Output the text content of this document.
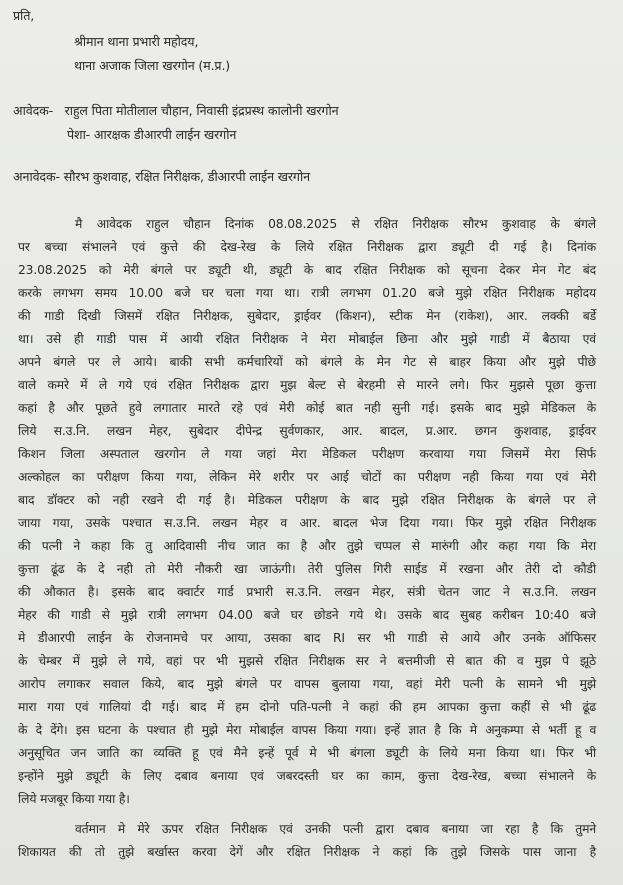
प्रति,
श्रीमान थाना प्रभारी महोदय,
थाना अजाक जिला खरगोन (म.प्र.)
आवेदक-   राहुल पिता मोतीलाल चौहान, निवासी इंद्रप्रस्थ कालोनी खरगोन
पेशा- आरक्षक डीआरपी लाईन खरगोन
अनावेदक- सौरभ कुशवाह, रक्षित निरीक्षक, डीआरपी लाईन खरगोन
मै आवेदक राहुल चौहान दिनांक 08.08.2025 से रक्षित निरीक्षक सौरभ कुशवाह के बंगले
पर बच्चा संभालने एवं कुत्ते की देख-रेख के लिये रक्षित निरीक्षक द्वारा ड्यूटी दी गई है। दिनांक
23.08.2025 को मेरी बंगले पर ड्यूटी थी, ड्यूटी के बाद रक्षित निरीक्षक को सूचना देकर मेन गेट बंद
करके लगभग समय 10.00 बजे घर चला गया था। रात्री लगभग 01.20 बजे मुझे रक्षित निरीक्षक महोदय
की गाडी दिखी जिसमें रक्षित निरीक्षक, सुबेदार, ड्राईवर (किशन), स्टीक मेन (राकेश), आर. लक्की बर्डे
था। उसे ही गाडी पास में आयी रक्षित निरीक्षक ने मेरा मोबाईल छिना और मुझे गाडी में बैठाया एवं
अपने बंगले पर ले आये। बाकी सभी कर्मचारियों को बंगले के मेन गेट से बाहर किया और मुझे पीछे
वाले कमरे में ले गये एवं रक्षित निरीक्षक द्वारा मुझ बेल्ट से बेरहमी से मारने लगे। फिर मुझसे पूछा कुत्ता
कहां है और पूछते हुवे लगातार मारते रहे एवं मेरी कोई बात नही सुनी गई। इसके बाद मुझे मेडिकल के
लिये स.उ.नि. लखन मेहर, सुबेदार दीपेन्द्र सुर्वणकार, आर. बादल, प्र.आर. छगन कुशवाह, ड्राईवर
किशन जिला अस्पताल खरगोन ले गया जहां मेरा मेडिकल परीक्षण करवाया गया जिसमें मेरा सिर्फ
अल्कोहल का परीक्षण किया गया, लेकिन मेरे शरीर पर आई चोटों का परीक्षण नही किया गया एवं मेरी
बाद डॉक्टर को नही रखने दी गई है। मेडिकल परीक्षण के बाद मुझे रक्षित निरीक्षक के बंगले पर ले
जाया गया, उसके पश्चात स.उ.नि. लखन मेहर व आर. बादल भेज दिया गया। फिर मुझे रक्षित निरीक्षक
की पत्नी ने कहा कि तु आदिवासी नीच जात का है और तुझे चप्पल से मारुंगी और कहा गया कि मेरा
कुत्ता ढूंढ के दे नही तो मेरी नौकरी खा जाऊंगी। तेरी पुलिस गिरी साईड में रखना और तेरी दो कौडी
की औकात है। इसके बाद क्वार्टर गार्ड प्रभारी स.उ.नि. लखन मेहर, संत्री चेतन जाट ने स.उ.नि. लखन
मेहर की गाडी से मुझे रात्री लगभग 04.00 बजे घर छोडने गये थे। उसके बाद सुबह करीबन 10:40 बजे
मे डीआरपी लाईन के रोजनामचे पर आया, उसका बाद RI सर भी गाडी से आये और उनके ऑफिसर
के चेम्बर में मुझे ले गये, वहां पर भी मुझसे रक्षित निरीक्षक सर ने बत्तमीजी से बात की व मुझ पे झूठे
आरोप लगाकर सवाल किये, बाद मुझे बंगले पर वापस बुलाया गया, वहां मेरी पत्नी के सामने भी मुझे
मारा गया एवं गालियां दी गई। बाद में हम दोनो पति-पत्नी ने कहां की हम आपका कुत्ता कहीं से भी ढूंढ
के दे देंगे। इस घटना के पश्चात ही मुझे मेरा मोबाईल वापस किया गया। इन्हें ज्ञात है कि मे अनुकम्पा से भर्ती हू व
अनुसूचित जन जाति का व्यक्ति हू एवं मैने इन्हें पूर्व मे भी बंगला ड्यूटी के लिये मना किया था। फिर भी
इन्होंने मुझे ड्यूटी के लिए दबाव बनाया एवं जबरदस्ती घर का काम, कुत्ता देख-रेख, बच्चा संभालने के
लिये मजबूर किया गया है।
वर्तमान मे मेरे ऊपर रक्षित निरीक्षक एवं उनकी पत्नी द्वारा दबाव बनाया जा रहा है कि तुमने
शिकायत की तो तुझे बर्खास्त करवा देगें और रक्षित निरीक्षक ने कहां कि तुझे जिसके पास जाना है
